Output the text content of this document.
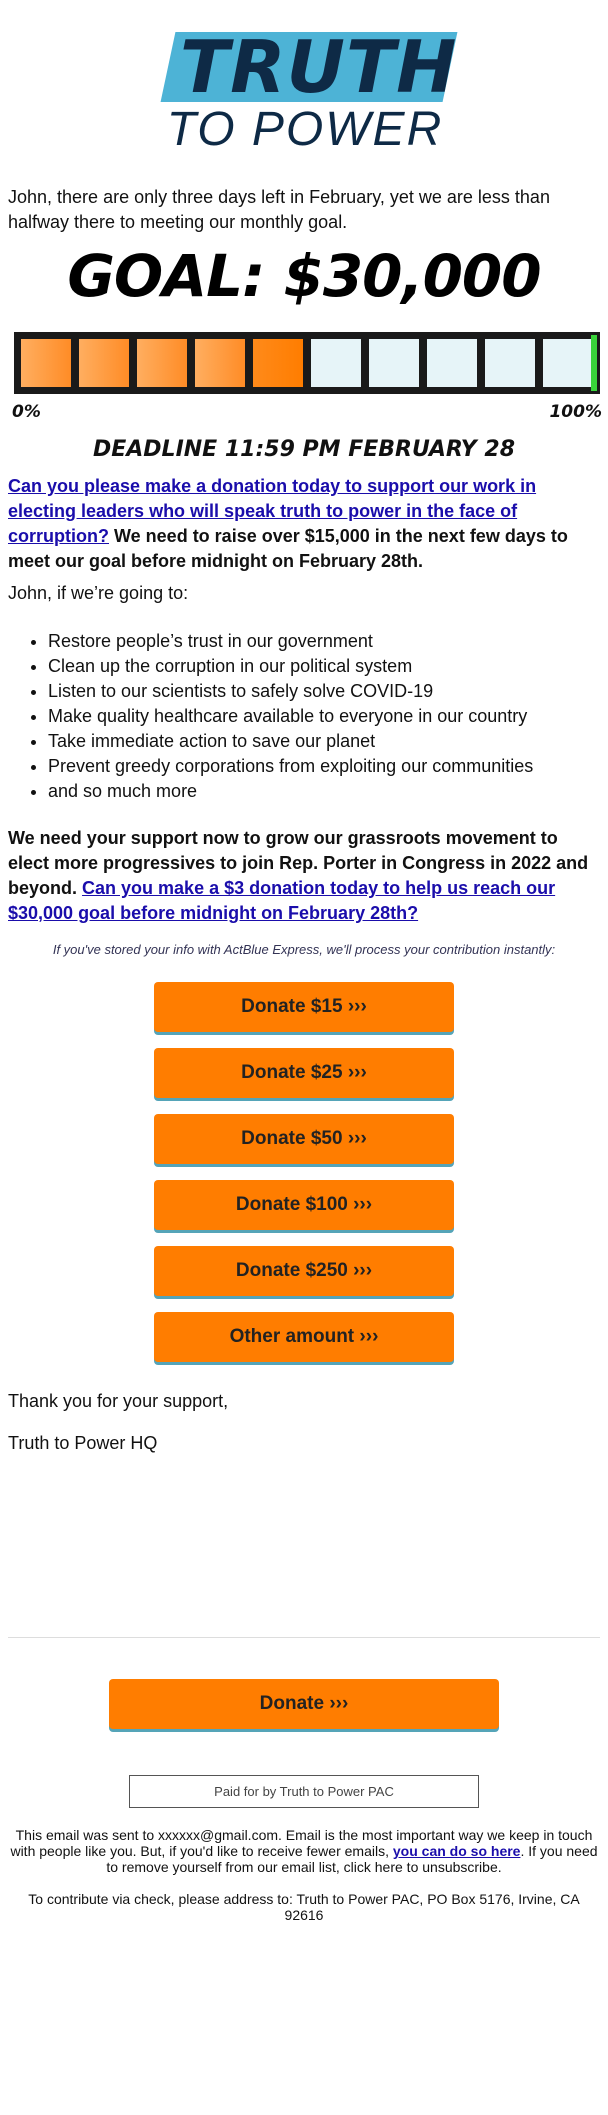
TRUTH
TO POWER

John, there are only three days left in February, yet we are less than halfway there to meeting our monthly goal.

GOAL: $30,000
0%	100%
DEADLINE 11:59 PM FEBRUARY 28

Can you please make a donation today to support our work in electing leaders who will speak truth to power in the face of corruption? We need to raise over $15,000 in the next few days to meet our goal before midnight on February 28th.

John, if we’re going to:

• Restore people’s trust in our government
• Clean up the corruption in our political system
• Listen to our scientists to safely solve COVID-19
• Make quality healthcare available to everyone in our country
• Take immediate action to save our planet
• Prevent greedy corporations from exploiting our communities
• and so much more

We need your support now to grow our grassroots movement to elect more progressives to join Rep. Porter in Congress in 2022 and beyond. Can you make a $3 donation today to help us reach our $30,000 goal before midnight on February 28th?

If you've stored your info with ActBlue Express, we'll process your contribution instantly:
Donate $15 ›››
Donate $25 ›››
Donate $50 ›››
Donate $100 ›››
Donate $250 ›››
Other amount ›››

Thank you for your support,

Truth to Power HQ

Donate ›››
Paid for by Truth to Power PAC
This email was sent to xxxxxx@gmail.com. Email is the most important way we keep in touch with people like you. But, if you'd like to receive fewer emails, you can do so here. If you need to remove yourself from our email list, click here to unsubscribe.
To contribute via check, please address to: Truth to Power PAC, PO Box 5176, Irvine, CA 92616
